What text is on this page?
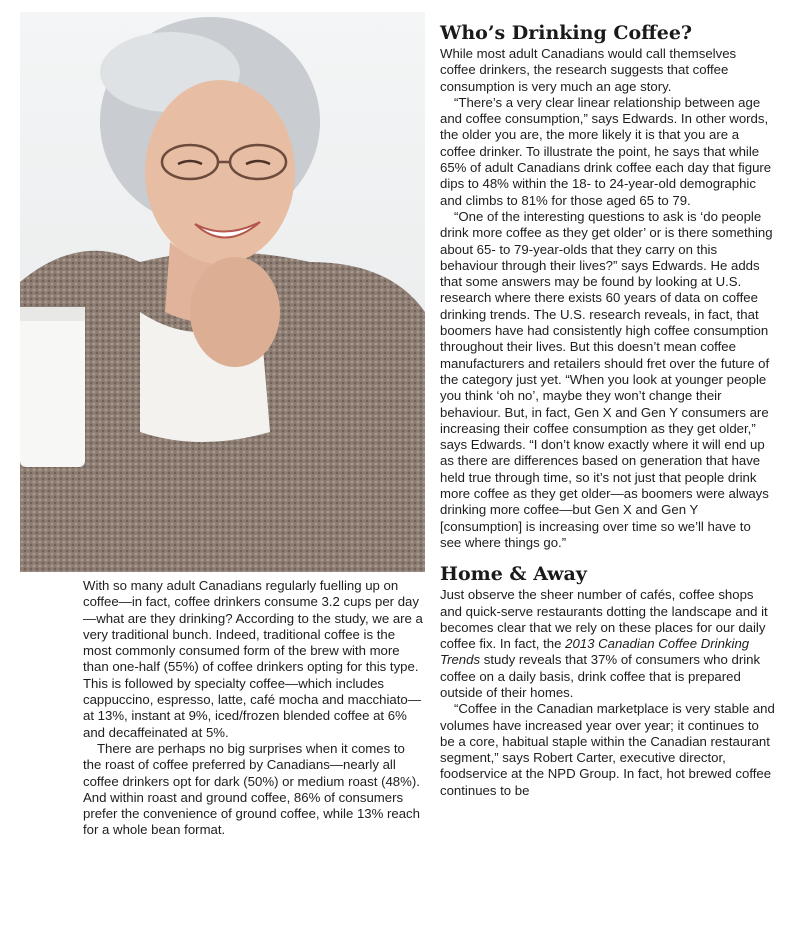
With so many adult Canadians regularly fuelling up on coffee—in fact, coffee drinkers consume 3.2 cups per day—what are they drinking? According to the study, we are a very traditional bunch. Indeed, traditional coffee is the most commonly consumed form of the brew with more than one-half (55%) of coffee drinkers opting for this type. This is followed by specialty coffee—which includes cappuccino, espresso, latte, café mocha and macchiato—at 13%, instant at 9%, iced/frozen blended coffee at 6% and decaffeinated at 5%.

There are perhaps no big surprises when it comes to the roast of coffee preferred by Canadians—nearly all coffee drinkers opt for dark (50%) or medium roast (48%). And within roast and ground coffee, 86% of consumers prefer the convenience of ground coffee, while 13% reach for a whole bean format.

Who’s Drinking Coffee?

While most adult Canadians would call themselves coffee drinkers, the research suggests that coffee consumption is very much an age story.

“There’s a very clear linear relationship between age and coffee consumption,” says Edwards. In other words, the older you are, the more likely it is that you are a coffee drinker. To illustrate the point, he says that while 65% of adult Canadians drink coffee each day that figure dips to 48% within the 18- to 24-year-old demographic and climbs to 81% for those aged 65 to 79.

“One of the interesting questions to ask is ‘do people drink more coffee as they get older’ or is there something about 65- to 79-year-olds that they carry on this behaviour through their lives?” says Edwards. He adds that some answers may be found by looking at U.S. research where there exists 60 years of data on coffee drinking trends. The U.S. research reveals, in fact, that boomers have had consistently high coffee consumption throughout their lives. But this doesn’t mean coffee manufacturers and retailers should fret over the future of the category just yet. “When you look at younger people you think ‘oh no’, maybe they won’t change their behaviour. But, in fact, Gen X and Gen Y consumers are increasing their coffee consumption as they get older,” says Edwards. “I don’t know exactly where it will end up as there are differences based on generation that have held true through time, so it’s not just that people drink more coffee as they get older—as boomers were always drinking more coffee—but Gen X and Gen Y [consumption] is increasing over time so we’ll have to see where things go.”

Home & Away

Just observe the sheer number of cafés, coffee shops and quick-serve restaurants dotting the landscape and it becomes clear that we rely on these places for our daily coffee fix. In fact, the 2013 Canadian Coffee Drinking Trends study reveals that 37% of consumers who drink coffee on a daily basis, drink coffee that is prepared outside of their homes.

“Coffee in the Canadian marketplace is very stable and volumes have increased year over year; it continues to be a core, habitual staple within the Canadian restaurant segment,” says Robert Carter, executive director, foodservice at the NPD Group. In fact, hot brewed coffee continues to be
